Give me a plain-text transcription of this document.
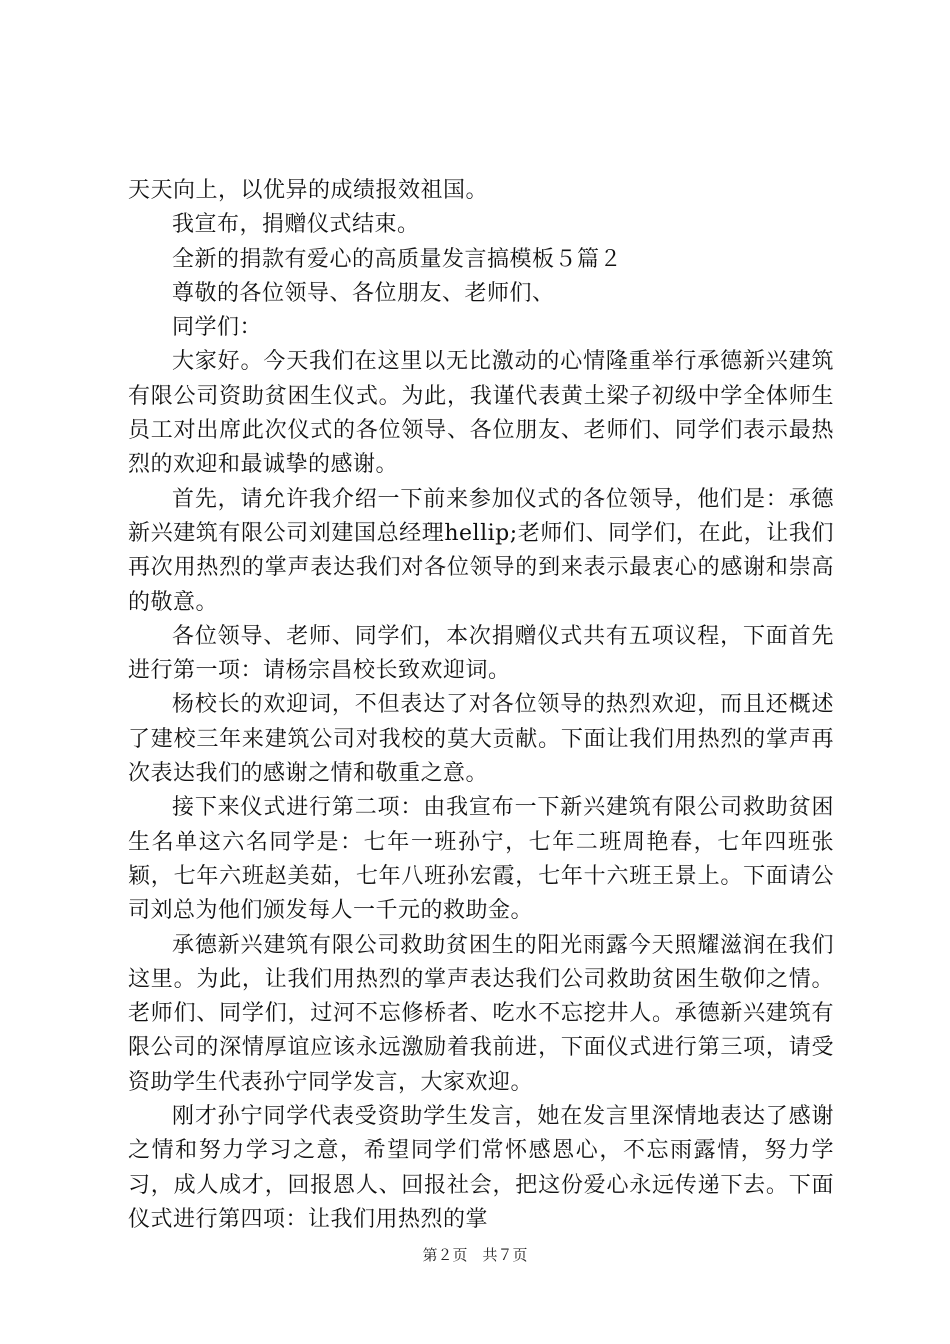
天天向上，以优异的成绩报效祖国。

我宣布，捐赠仪式结束。

全新的捐款有爱心的高质量发言搞模板５篇２

尊敬的各位领导、各位朋友、老师们、

同学们：

大家好。今天我们在这里以无比激动的心情隆重举行承德新兴建筑有限公司资助贫困生仪式。为此，我谨代表黄土梁子初级中学全体师生员工对出席此次仪式的各位领导、各位朋友、老师们、同学们表示最热烈的欢迎和最诚挚的感谢。

首先，请允许我介绍一下前来参加仪式的各位领导，他们是：承德新兴建筑有限公司刘建国总经理hellip;老师们、同学们，在此，让我们再次用热烈的掌声表达我们对各位领导的到来表示最衷心的感谢和崇高的敬意。

各位领导、老师、同学们，本次捐赠仪式共有五项议程，下面首先进行第一项：请杨宗昌校长致欢迎词。

杨校长的欢迎词，不但表达了对各位领导的热烈欢迎，而且还概述了建校三年来建筑公司对我校的莫大贡献。下面让我们用热烈的掌声再次表达我们的感谢之情和敬重之意。

接下来仪式进行第二项：由我宣布一下新兴建筑有限公司救助贫困生名单这六名同学是：七年一班孙宁，七年二班周艳春，七年四班张颖，七年六班赵美茹，七年八班孙宏霞，七年十六班王景上。下面请公司刘总为他们颁发每人一千元的救助金。

承德新兴建筑有限公司救助贫困生的阳光雨露今天照耀滋润在我们这里。为此，让我们用热烈的掌声表达我们公司救助贫困生敬仰之情。老师们、同学们，过河不忘修桥者、吃水不忘挖井人。承德新兴建筑有限公司的深情厚谊应该永远激励着我前进，下面仪式进行第三项，请受资助学生代表孙宁同学发言，大家欢迎。

刚才孙宁同学代表受资助学生发言，她在发言里深情地表达了感谢之情和努力学习之意，希望同学们常怀感恩心，不忘雨露情，努力学习，成人成才，回报恩人、回报社会，把这份爱心永远传递下去。下面仪式进行第四项：让我们用热烈的掌

第２页　共７页
